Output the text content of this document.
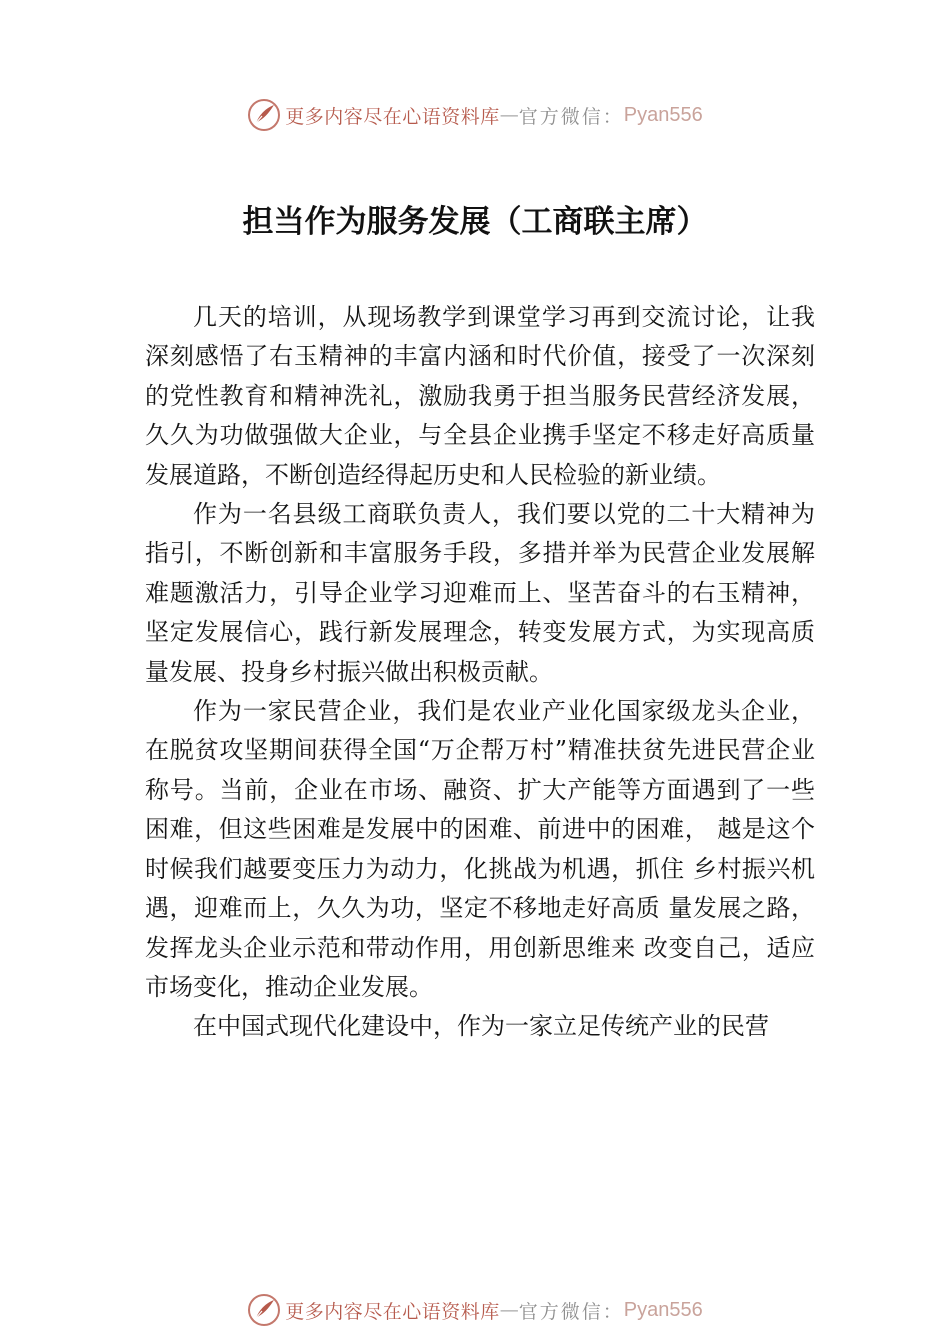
更多内容尽在心语资料库 — 官方微信： Pyan556
担当作为服务发展（工商联主席）

几天的培训，从现场教学到课堂学习再到交流讨论，让我深刻感悟了右玉精神的丰富内涵和时代价值，接受了一次深刻的党性教育和精神洗礼，激励我勇于担当服务民营经济发展，久久为功做强做大企业，与全县企业携手坚定不移走好高质量发展道路，不断创造经得起历史和人民检验的新业绩。

作为一名县级工商联负责人，我们要以党的二十大精神为指引，不断创新和丰富服务手段，多措并举为民营企业发展解难题激活力，引导企业学习迎难而上、坚苦奋斗的右玉精神，坚定发展信心，践行新发展理念，转变发展方式，为实现高质量发展、投身乡村振兴做出积极贡献。

作为一家民营企业，我们是农业产业化国家级龙头企业，在脱贫攻坚期间获得全国“万企帮万村”精准扶贫先进民营企业称号。当前，企业在市场、融资、扩大产能等方面遇到了一些困难，但这些困难是发展中的困难、前进中的困难， 越是这个时候我们越要变压力为动力，化挑战为机遇，抓住 乡村振兴机遇，迎难而上，久久为功，坚定不移地走好高质 量发展之路，发挥龙头企业示范和带动作用，用创新思维来 改变自己，适应市场变化，推动企业发展。

在中国式现代化建设中，作为一家立足传统产业的民营

更多内容尽在心语资料库 — 官方微信： Pyan556
